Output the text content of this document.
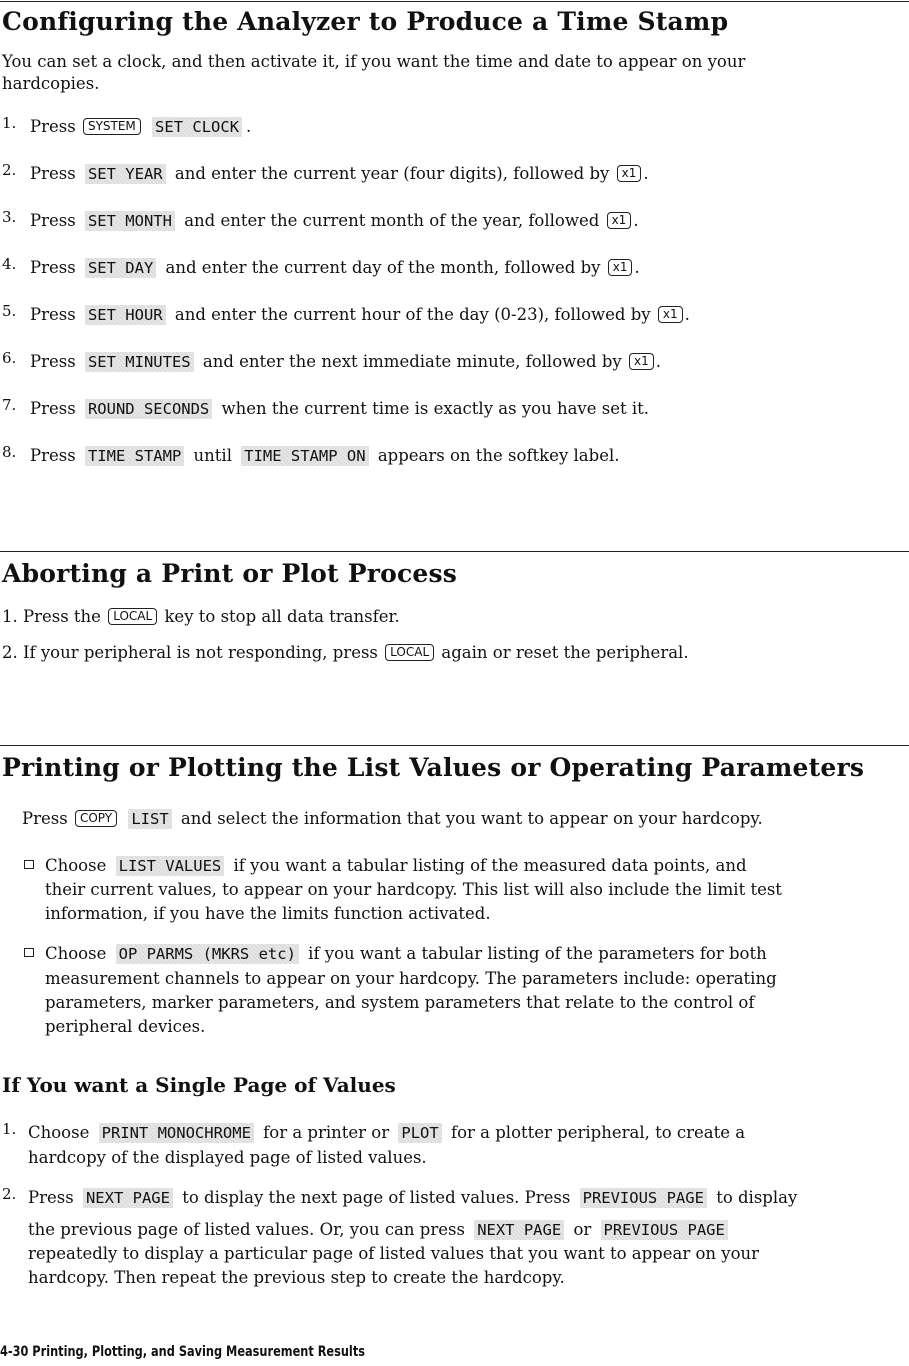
Configuring the Analyzer to Produce a Time Stamp
You can set a clock, and then activate it, if you want the time and date to appear on your
hardcopies.
1. Press SYSTEM SET CLOCK .
2. Press SET YEAR and enter the current year (four digits), followed by x1 .
3. Press SET MONTH and enter the current month of the year, followed x1 .
4. Press SET DAY and enter the current day of the month, followed by x1 .
5. Press SET HOUR and enter the current hour of the day (0-23), followed by x1 .
6. Press SET MINUTES and enter the next immediate minute, followed by x1 .
7. Press ROUND SECONDS when the current time is exactly as you have set it.
8. Press TIME STAMP until TIME STAMP ON appears on the softkey label.
Aborting a Print or Plot Process
1. Press the LOCAL key to stop all data transfer.
2. If your peripheral is not responding, press LOCAL again or reset the peripheral.
Printing or Plotting the List Values or Operating Parameters
Press COPY LIST and select the information that you want to appear on your hardcopy.
Choose LIST VALUES if you want a tabular listing of the measured data points, and
their current values, to appear on your hardcopy. This list will also include the limit test
information, if you have the limits function activated.
Choose OP PARMS (MKRS etc) if you want a tabular listing of the parameters for both
measurement channels to appear on your hardcopy. The parameters include: operating
parameters, marker parameters, and system parameters that relate to the control of
peripheral devices.
If You want a Single Page of Values
1. Choose PRINT MONOCHROME for a printer or PLOT for a plotter peripheral, to create a
hardcopy of the displayed page of listed values.
2. Press NEXT PAGE to display the next page of listed values. Press PREVIOUS PAGE to display
the previous page of listed values. Or, you can press NEXT PAGE or PREVIOUS PAGE
repeatedly to display a particular page of listed values that you want to appear on your
hardcopy. Then repeat the previous step to create the hardcopy.
4-30 Printing, Plotting, and Saving Measurement Results
